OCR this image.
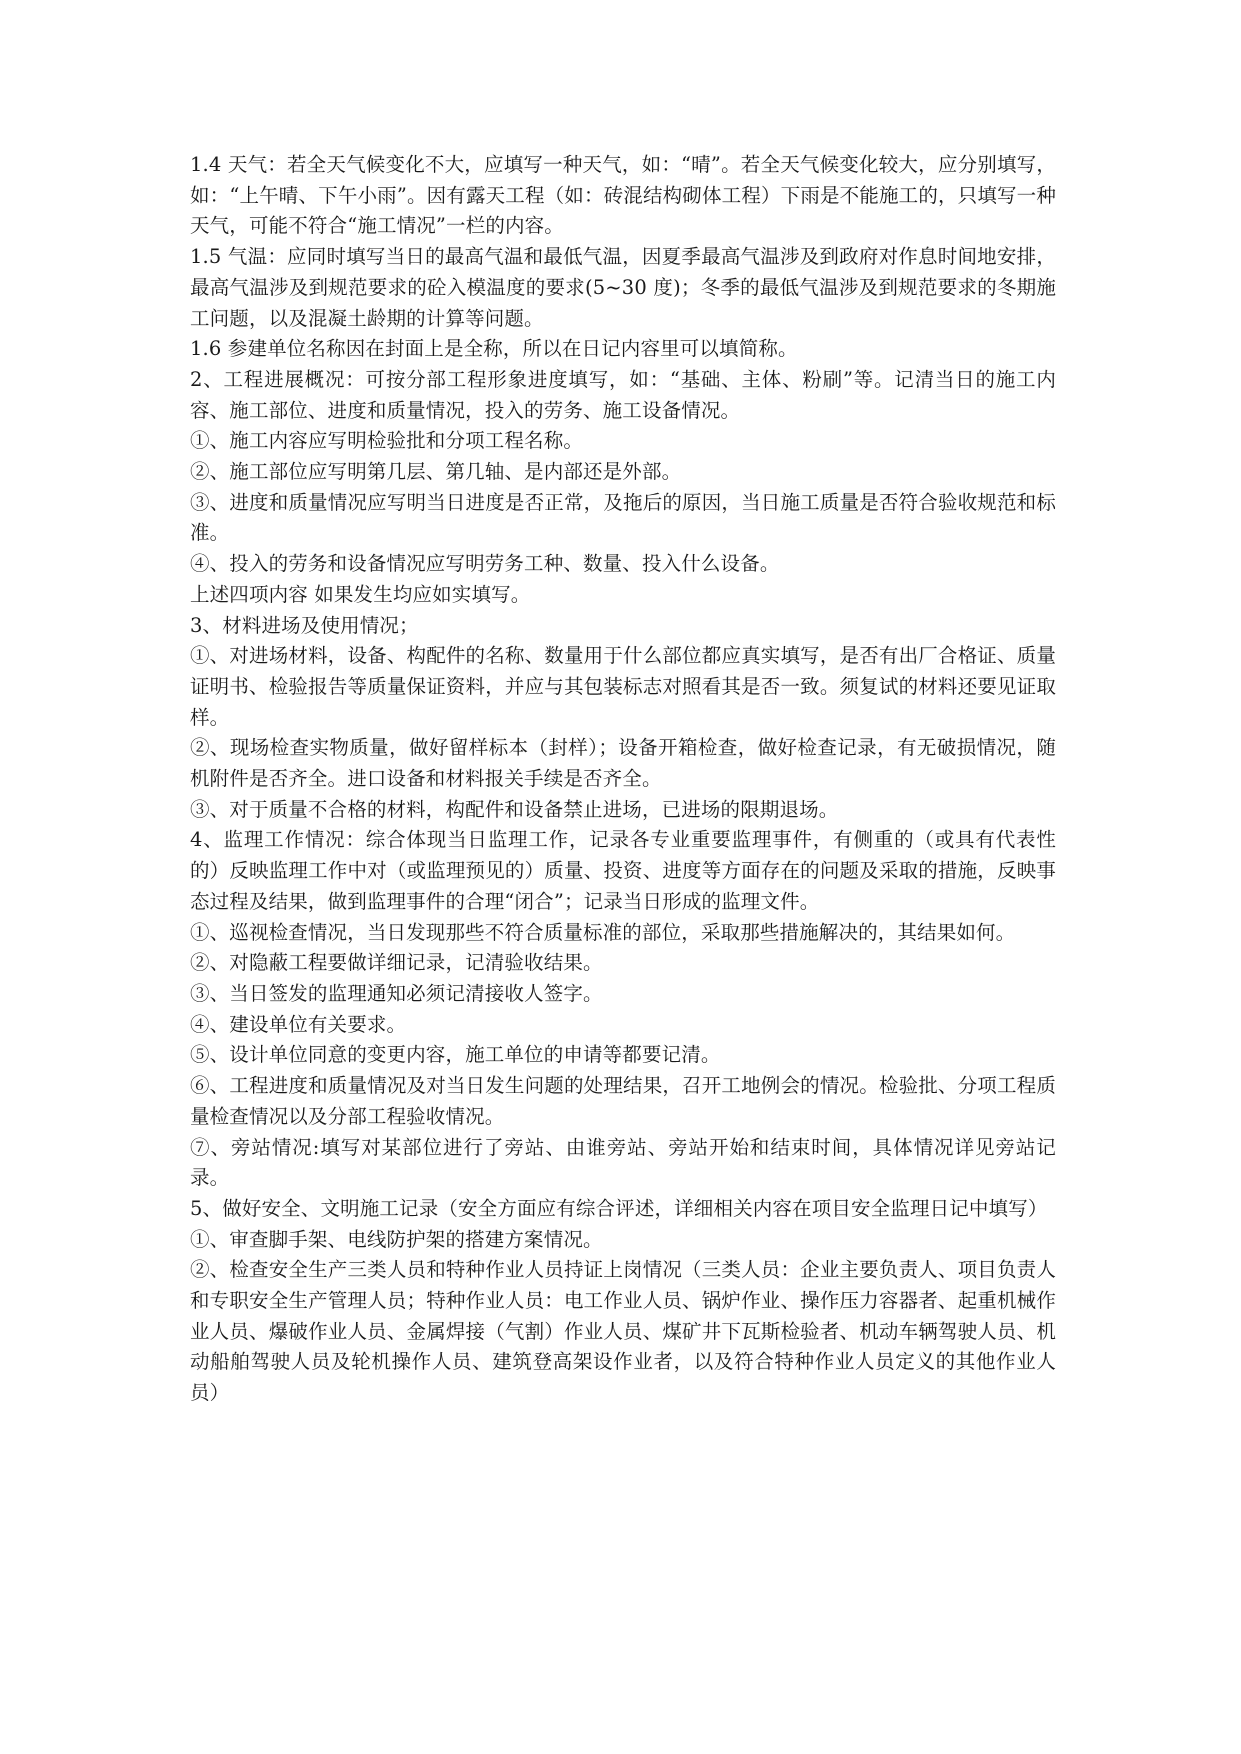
1.4 天气：若全天气候变化不大，应填写一种天气，如：“晴”。若全天气候变化较大，应分别填写，如：“上午晴、下午小雨”。因有露天工程（如：砖混结构砌体工程）下雨是不能施工的，只填写一种天气，可能不符合“施工情况”一栏的内容。

1.5 气温：应同时填写当日的最高气温和最低气温，因夏季最高气温涉及到政府对作息时间地安排，最高气温涉及到规范要求的砼入模温度的要求(5~30 度)；冬季的最低气温涉及到规范要求的冬期施工问题，以及混凝土龄期的计算等问题。

1.6 参建单位名称因在封面上是全称，所以在日记内容里可以填简称。

2、工程进展概况：可按分部工程形象进度填写，如：“基础、主体、粉刷”等。记清当日的施工内容、施工部位、进度和质量情况，投入的劳务、施工设备情况。

①、施工内容应写明检验批和分项工程名称。

②、施工部位应写明第几层、第几轴、是内部还是外部。

③、进度和质量情况应写明当日进度是否正常，及拖后的原因，当日施工质量是否符合验收规范和标准。

④、投入的劳务和设备情况应写明劳务工种、数量、投入什么设备。

上述四项内容 如果发生均应如实填写。

3、材料进场及使用情况；

①、对进场材料，设备、构配件的名称、数量用于什么部位都应真实填写，是否有出厂合格证、质量证明书、检验报告等质量保证资料，并应与其包装标志对照看其是否一致。须复试的材料还要见证取样。

②、现场检查实物质量，做好留样标本（封样）；设备开箱检查，做好检查记录，有无破损情况，随机附件是否齐全。进口设备和材料报关手续是否齐全。

③、对于质量不合格的材料，构配件和设备禁止进场，已进场的限期退场。

4、监理工作情况：综合体现当日监理工作，记录各专业重要监理事件，有侧重的（或具有代表性的）反映监理工作中对（或监理预见的）质量、投资、进度等方面存在的问题及采取的措施，反映事态过程及结果，做到监理事件的合理“闭合”；记录当日形成的监理文件。

①、巡视检查情况，当日发现那些不符合质量标准的部位，采取那些措施解决的，其结果如何。

②、对隐蔽工程要做详细记录，记清验收结果。

③、当日签发的监理通知必须记清接收人签字。

④、建设单位有关要求。

⑤、设计单位同意的变更内容，施工单位的申请等都要记清。

⑥、工程进度和质量情况及对当日发生问题的处理结果，召开工地例会的情况。检验批、分项工程质量检查情况以及分部工程验收情况。

⑦、旁站情况:填写对某部位进行了旁站、由谁旁站、旁站开始和结束时间，具体情况详见旁站记录。

5、做好安全、文明施工记录（安全方面应有综合评述，详细相关内容在项目安全监理日记中填写）

①、审查脚手架、电线防护架的搭建方案情况。

②、检查安全生产三类人员和特种作业人员持证上岗情况（三类人员：企业主要负责人、项目负责人和专职安全生产管理人员；特种作业人员：电工作业人员、锅炉作业、操作压力容器者、起重机械作业人员、爆破作业人员、金属焊接（气割）作业人员、煤矿井下瓦斯检验者、机动车辆驾驶人员、机动船舶驾驶人员及轮机操作人员、建筑登高架设作业者，以及符合特种作业人员定义的其他作业人员）
